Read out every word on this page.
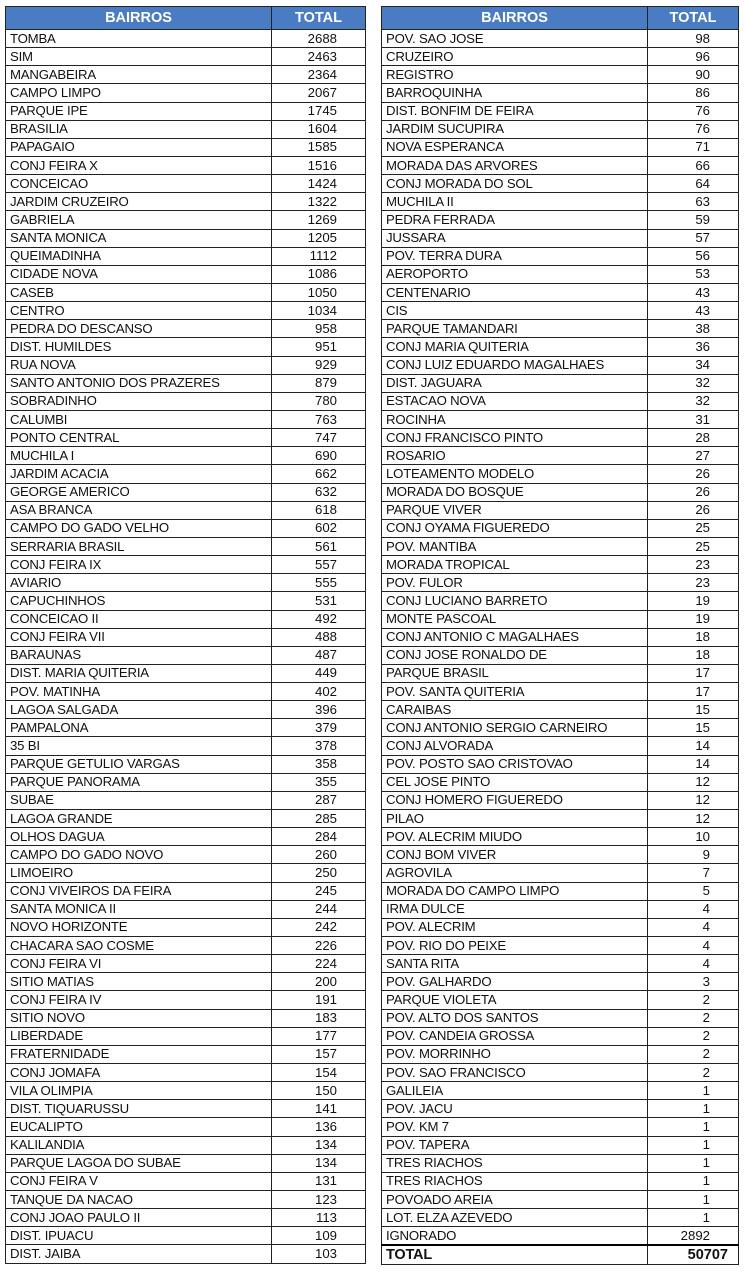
BAIRROS	TOTAL
TOMBA	2688
SIM	2463
MANGABEIRA	2364
CAMPO LIMPO	2067
PARQUE IPE	1745
BRASILIA	1604
PAPAGAIO	1585
CONJ FEIRA X	1516
CONCEICAO	1424
JARDIM CRUZEIRO	1322
GABRIELA	1269
SANTA MONICA	1205
QUEIMADINHA	1112
CIDADE NOVA	1086
CASEB	1050
CENTRO	1034
PEDRA DO DESCANSO	958
DIST. HUMILDES	951
RUA NOVA	929
SANTO ANTONIO DOS PRAZERES	879
SOBRADINHO	780
CALUMBI	763
PONTO CENTRAL	747
MUCHILA I	690
JARDIM ACACIA	662
GEORGE AMERICO	632
ASA BRANCA	618
CAMPO DO GADO VELHO	602
SERRARIA BRASIL	561
CONJ FEIRA IX	557
AVIARIO	555
CAPUCHINHOS	531
CONCEICAO II	492
CONJ FEIRA VII	488
BARAUNAS	487
DIST. MARIA QUITERIA	449
POV. MATINHA	402
LAGOA SALGADA	396
PAMPALONA	379
35 BI	378
PARQUE GETULIO VARGAS	358
PARQUE PANORAMA	355
SUBAE	287
LAGOA GRANDE	285
OLHOS DAGUA	284
CAMPO DO GADO NOVO	260
LIMOEIRO	250
CONJ VIVEIROS DA FEIRA	245
SANTA MONICA II	244
NOVO HORIZONTE	242
CHACARA SAO COSME	226
CONJ FEIRA VI	224
SITIO MATIAS	200
CONJ FEIRA IV	191
SITIO NOVO	183
LIBERDADE	177
FRATERNIDADE	157
CONJ JOMAFA	154
VILA OLIMPIA	150
DIST. TIQUARUSSU	141
EUCALIPTO	136
KALILANDIA	134
PARQUE LAGOA DO SUBAE	134
CONJ FEIRA V	131
TANQUE DA NACAO	123
CONJ JOAO PAULO II	113
DIST. IPUACU	109
DIST. JAIBA	103
BAIRROS	TOTAL
POV. SAO JOSE	98
CRUZEIRO	96
REGISTRO	90
BARROQUINHA	86
DIST. BONFIM DE FEIRA	76
JARDIM SUCUPIRA	76
NOVA ESPERANCA	71
MORADA DAS ARVORES	66
CONJ MORADA DO SOL	64
MUCHILA II	63
PEDRA FERRADA	59
JUSSARA	57
POV. TERRA DURA	56
AEROPORTO	53
CENTENARIO	43
CIS	43
PARQUE TAMANDARI	38
CONJ MARIA QUITERIA	36
CONJ LUIZ EDUARDO MAGALHAES	34
DIST. JAGUARA	32
ESTACAO NOVA	32
ROCINHA	31
CONJ FRANCISCO PINTO	28
ROSARIO	27
LOTEAMENTO MODELO	26
MORADA DO BOSQUE	26
PARQUE VIVER	26
CONJ OYAMA FIGUEREDO	25
POV. MANTIBA	25
MORADA TROPICAL	23
POV. FULOR	23
CONJ LUCIANO BARRETO	19
MONTE PASCOAL	19
CONJ ANTONIO C MAGALHAES	18
CONJ JOSE RONALDO DE	18
PARQUE BRASIL	17
POV. SANTA QUITERIA	17
CARAIBAS	15
CONJ ANTONIO SERGIO CARNEIRO	15
CONJ ALVORADA	14
POV. POSTO SAO CRISTOVAO	14
CEL JOSE PINTO	12
CONJ HOMERO FIGUEREDO	12
PILAO	12
POV. ALECRIM MIUDO	10
CONJ BOM VIVER	9
AGROVILA	7
MORADA DO CAMPO LIMPO	5
IRMA DULCE	4
POV. ALECRIM	4
POV. RIO DO PEIXE	4
SANTA RITA	4
POV. GALHARDO	3
PARQUE VIOLETA	2
POV. ALTO DOS SANTOS	2
POV. CANDEIA GROSSA	2
POV. MORRINHO	2
POV. SAO FRANCISCO	2
GALILEIA	1
POV. JACU	1
POV. KM 7	1
POV. TAPERA	1
TRES RIACHOS	1
TRES RIACHOS	1
POVOADO AREIA	1
LOT. ELZA AZEVEDO	1
IGNORADO	2892
TOTAL	50707
